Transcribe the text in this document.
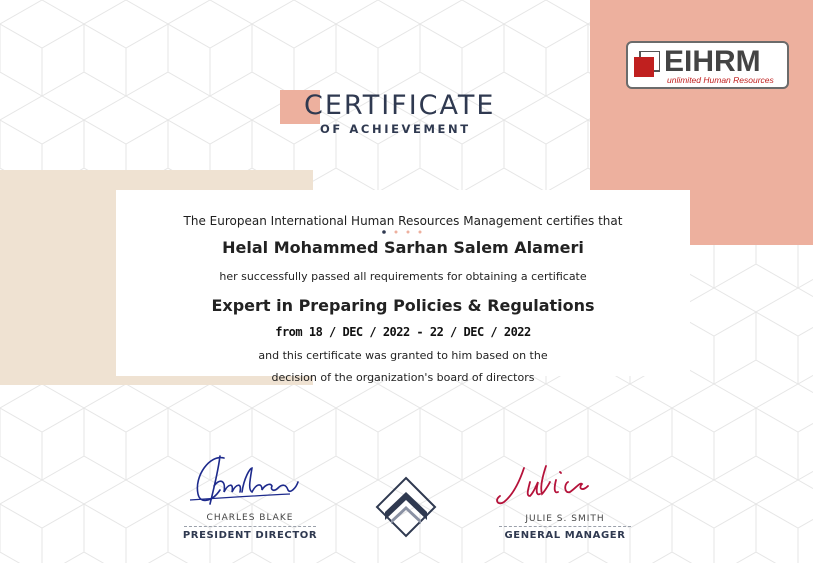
CERTIFICATE
OF ACHIEVEMENT
EIHRM
unlimited Human Resources
The European International Human Resources Management certifies that
Helal Mohammed Sarhan Salem Alameri
her successfully passed all requirements for obtaining a certificate
Expert in Preparing Policies & Regulations
from 18 / DEC / 2022 - 22 / DEC / 2022
and this certificate was granted to him based on the
decision of the organization's board of directors
CHARLES BLAKE
PRESIDENT DIRECTOR
JULIE S. SMITH
GENERAL MANAGER
